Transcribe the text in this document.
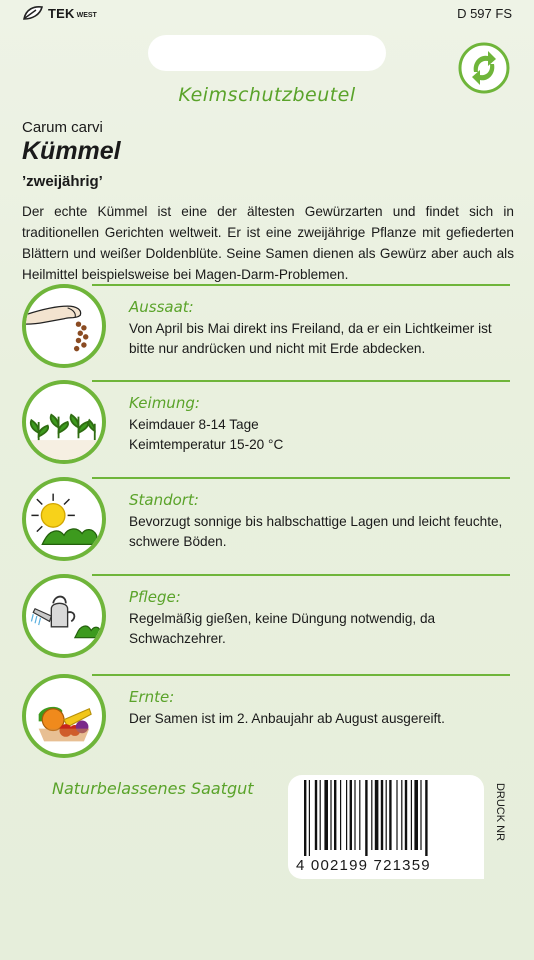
TEK WEST	D 597 FS
Keimschutzbeutel
Carum carvi
Kümmel
’zweijährig’
Der echte Kümmel ist eine der ältesten Gewürzarten und findet sich in traditionellen Gerichten weltweit. Er ist eine zweijährige Pflanze mit gefiederten Blättern und weißer Doldenblüte. Seine Samen dienen als Gewürz aber auch als Heilmittel beispielsweise bei Magen-Darm-Problemen.
Aussaat:
Von April bis Mai direkt ins Freiland, da er ein Lichtkeimer ist bitte nur andrücken und nicht mit Erde abdecken.
Keimung:
Keimdauer 8-14 Tage
Keimtemperatur 15-20 °C
Standort:
Bevorzugt sonnige bis halbschattige Lagen und leicht feuchte, schwere Böden.
Pflege:
Regelmäßig gießen, keine Düngung notwendig, da Schwachzehrer.
Ernte:
Der Samen ist im 2. Anbaujahr ab August ausgereift.
Naturbelassenes Saatgut
4 002199 721359
DRUCK NR
